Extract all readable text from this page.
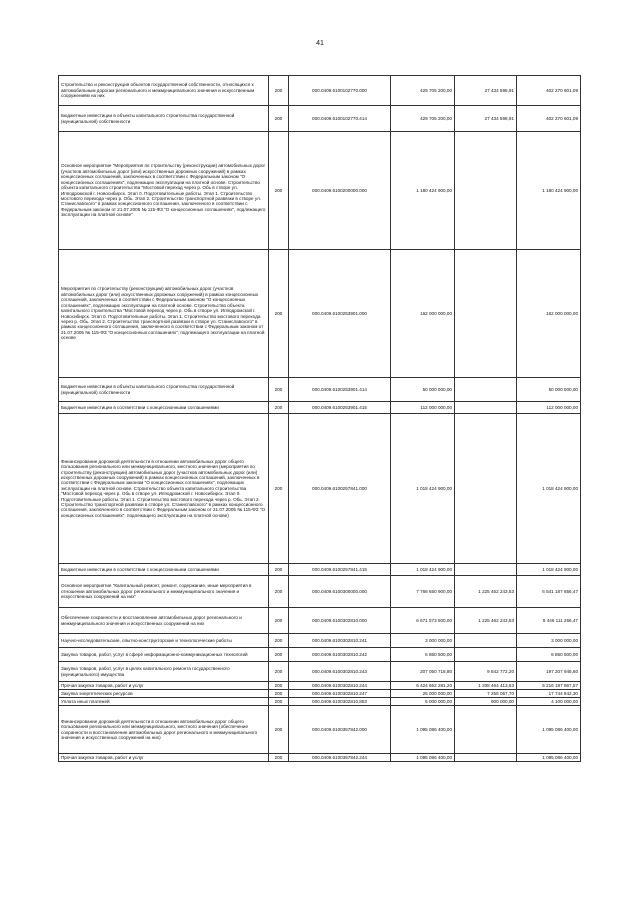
41
Строительство и реконструкция объектов государственной собственности, относящихся к автомобильным дорогам регионального и межмуниципального значения и искусственным сооружениям на них	200	000.0409.6100102770.000	429 705 200,00	27 434 598,91	402 270 601,09
Бюджетные инвестиции в объекты капитального строительства государственной (муниципальной) собственности	200	000.0409.6100102770.414	429 705 200,00	27 434 598,91	402 270 601,09
Основное мероприятие "Мероприятия по строительству (реконструкции) автомобильных дорог (участков автомобильных дорог (или) искусственных дорожных сооружений) в рамках концессионных соглашений, заключенных в соответствии с Федеральным законом "О концессионных соглашениях", подлежащих эксплуатации на платной основе. Строительство объекта капитального строительства "Мостовой переход через р. Обь в створе ул. Ипподромской г. Новосибирск. Этап 0. Подготовительные работы. Этап 1. Строительство мостового перехода через р. Обь. Этап 2. Строительство транспортной развязки в створе ул. Станиславского" в рамках концессионного соглашения, заключенного в соответствии с Федеральным законом от 21.07.2005 № 115-ФЗ "О концессионных соглашениях", подлежащего эксплуатации на платной основе"	200	000.0409.6100200000.000	1 180 424 900,00		1 180 424 900,00
Мероприятия по строительству (реконструкции) автомобильных дорог (участков автомобильных дорог (или) искусственных дорожных сооружений) в рамках концессионных соглашений, заключенных в соответствии с Федеральным законом "О концессионных соглашениях", подлежащих эксплуатации на платной основе. Строительство объекта капитального строительства "Мостовой переход через р. Обь в створе ул. Ипподромской г. Новосибирск. Этап 0. Подготовительные работы. Этап 1. Строительство мостового перехода через р. Обь. Этап 2. Строительство транспортной развязки в створе ул. Станиславского" в рамках концессионного соглашения, заключенного в соответствии с Федеральным законом от 21.07.2005 № 115-ФЗ "О концессионных соглашениях", подлежащего эксплуатации на платной основе	200	000.0409.6100253901.000	162 000 000,00		162 000 000,00
Бюджетные инвестиции в объекты капитального строительства государственной (муниципальной) собственности	200	000.0409.6100253901.414	50 000 000,00		50 000 000,00
Бюджетные инвестиции в соответствии с концессионными соглашениями	200	000.0409.6100253901.415	112 000 000,00		112 000 000,00
Финансирование дорожной деятельности в отношении автомобильных дорог общего пользования регионального или межмуниципального, местного значения (мероприятия по строительству (реконструкции) автомобильных дорог (участков автомобильных дорог (или) искусственных дорожных сооружений) в рамках концессионных соглашений, заключенных в соответствии с Федеральным законом "О концессионных соглашениях", подлежащих эксплуатации на платной основе. Строительство объекта капитального строительства "Мостовой переход через р. Обь в створе ул. Ипподромской г. Новосибирск. Этап 0. Подготовительные работы. Этап 1. Строительство мостового перехода через р. Обь. Этап 2. Строительство транспортной развязки в створе ул. Станиславского" в рамках концессионного соглашения, заключенного в соответствии с Федеральным законом от 21.07.2005 № 115-ФЗ "О концессионных соглашениях", подлежащего эксплуатации на платной основе)	200	000.0409.6100257841.000	1 018 424 900,00		1 018 424 900,00
Бюджетные инвестиции в соответствии с концессионными соглашениями	200	000.0409.6100257841.415	1 018 424 900,00		1 018 424 900,00
Основное мероприятие "Капитальный ремонт, ремонт, содержание, иные мероприятия в отношении автомобильных дорог регионального и межмуниципального значения и искусственных сооружений на них"	200	000.0409.6100300000.000	7 766 650 900,00	1 225 462 243,53	6 541 187 656,47
Обеспечение сохранности и восстановление автомобильных дорог регионального и межмуниципального значения и искусственных сооружений на них	200	000.0409.6100302810.000	6 671 573 500,00	1 225 462 243,53	5 446 111 256,47
Научно-исследовательские, опытно-конструкторские и технологические работы	200	000.0409.6100302810.241	3 000 000,00		3 000 000,00
Закупка товаров, работ, услуг в сфере информационно-коммуникационных технологий	200	000.0409.6100302810.242	6 860 500,00		6 860 500,00
Закупка товаров, работ, услуг в целях капитального ремонта государственного (муниципального) имущества	200	000.0409.6100302810.243	207 050 718,80	9 842 772,20	197 207 946,60
Прочая закупка товаров, работ и услуг	200	000.0409.6100302810.244	6 424 662 281,20	1 208 464 413,63	5 216 197 867,57
Закупка энергетических ресурсов	200	000.0409.6100302810.247	25 000 000,00	7 255 057,70	17 744 942,30
Уплата иных платежей	200	000.0409.6100302810.853	5 000 000,00	900 000,00	4 100 000,00
Финансирование дорожной деятельности в отношении автомобильных дорог общего пользования регионального или межмуниципального, местного значения (обеспечение сохранности и восстановление автомобильных дорог регионального и межмуниципального значения и искусственных сооружений на них)	200	000.0409.6100357842.000	1 095 086 400,00		1 095 086 400,00
Прочая закупка товаров, работ и услуг	200	000.0409.6100357842.244	1 095 086 400,00		1 095 086 400,00
